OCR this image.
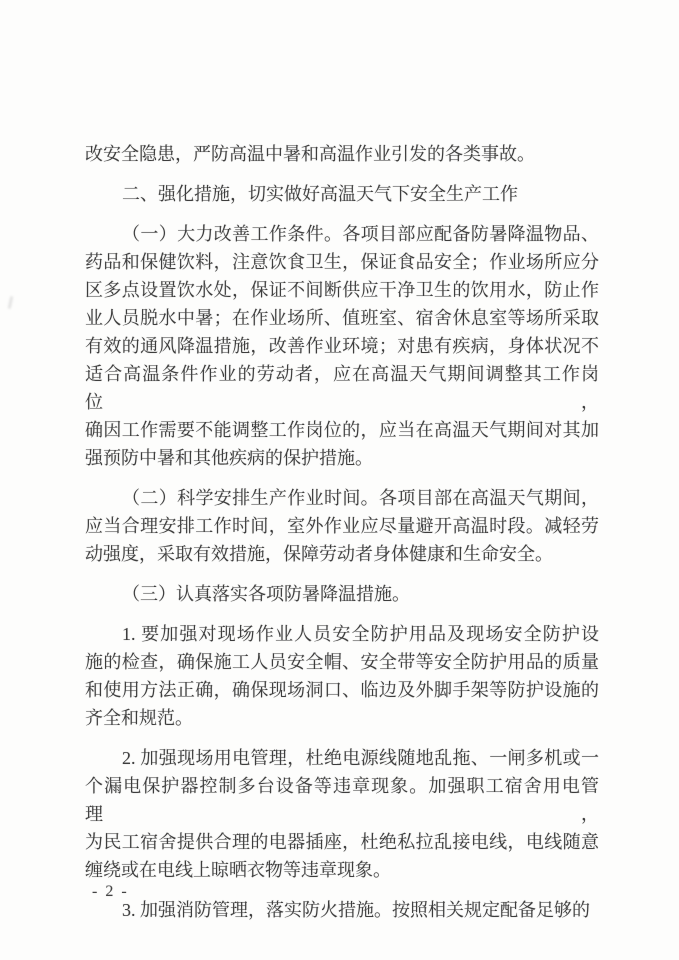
改安全隐患，严防高温中暑和高温作业引发的各类事故。
二、强化措施，切实做好高温天气下安全生产工作
（一）大力改善工作条件。各项目部应配备防暑降温物品、
药品和保健饮料，注意饮食卫生，保证食品安全；作业场所应分
区多点设置饮水处，保证不间断供应干净卫生的饮用水，防止作
业人员脱水中暑；在作业场所、值班室、宿舍休息室等场所采取
有效的通风降温措施，改善作业环境；对患有疾病，身体状况不
适合高温条件作业的劳动者，应在高温天气期间调整其工作岗位，
确因工作需要不能调整工作岗位的，应当在高温天气期间对其加
强预防中暑和其他疾病的保护措施。
（二）科学安排生产作业时间。各项目部在高温天气期间，
应当合理安排工作时间，室外作业应尽量避开高温时段。减轻劳
动强度，采取有效措施，保障劳动者身体健康和生命安全。
（三）认真落实各项防暑降温措施。
1. 要加强对现场作业人员安全防护用品及现场安全防护设
施的检查，确保施工人员安全帽、安全带等安全防护用品的质量
和使用方法正确，确保现场洞口、临边及外脚手架等防护设施的
齐全和规范。
2. 加强现场用电管理，杜绝电源线随地乱拖、一闸多机或一
个漏电保护器控制多台设备等违章现象。加强职工宿舍用电管理，
为民工宿舍提供合理的电器插座，杜绝私拉乱接电线，电线随意
缠绕或在电线上晾晒衣物等违章现象。
3. 加强消防管理，落实防火措施。按照相关规定配备足够的
- 2 -
